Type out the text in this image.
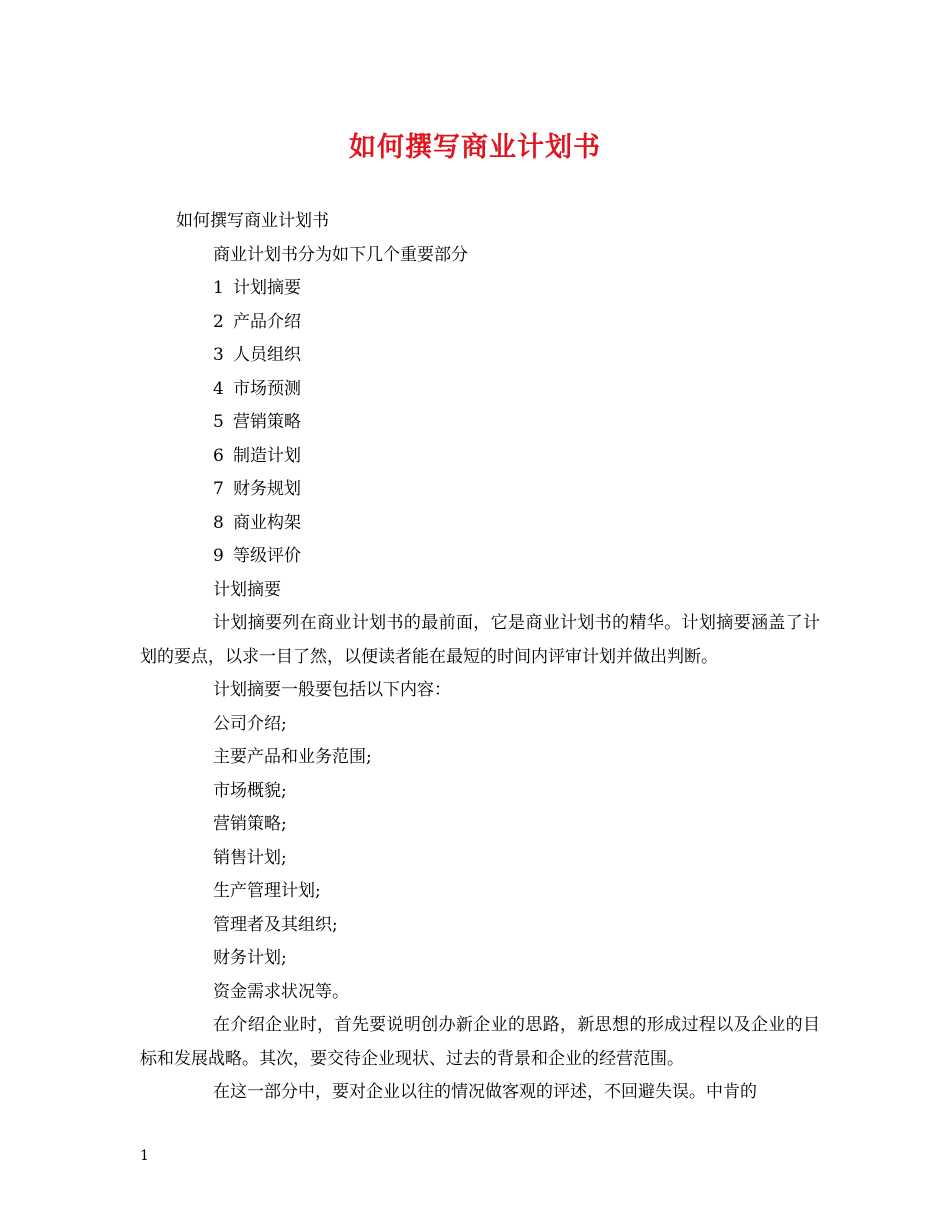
如何撰写商业计划书
如何撰写商业计划书
商业计划书分为如下几个重要部分
1 计划摘要
2 产品介绍
3 人员组织
4 市场预测
5 营销策略
6 制造计划
7 财务规划
8 商业构架
9 等级评价
计划摘要
计划摘要列在商业计划书的最前面，它是商业计划书的精华。计划摘要涵盖了计划的要点，以求一目了然，以便读者能在最短的时间内评审计划并做出判断。
计划摘要一般要包括以下内容：
公司介绍;
主要产品和业务范围;
市场概貌;
营销策略;
销售计划;
生产管理计划;
管理者及其组织;
财务计划;
资金需求状况等。
在介绍企业时，首先要说明创办新企业的思路，新思想的形成过程以及企业的目标和发展战略。其次，要交待企业现状、过去的背景和企业的经营范围。
在这一部分中，要对企业以往的情况做客观的评述，不回避失误。中肯的
1
